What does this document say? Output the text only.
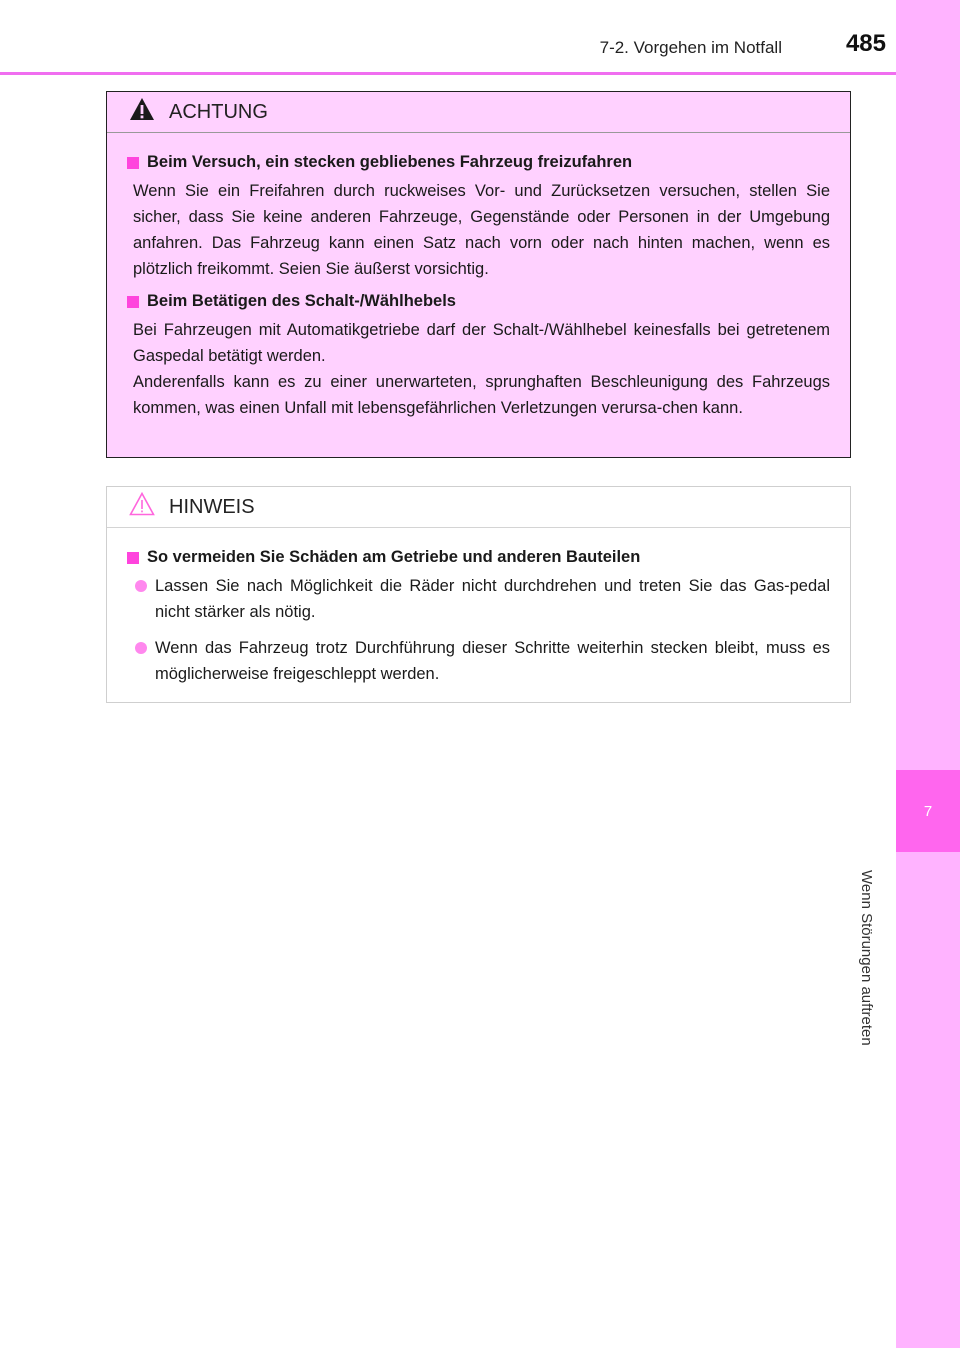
7-2. Vorgehen im Notfall	485
7
Wenn Störungen auftreten
ACHTUNG
Beim Versuch, ein stecken gebliebenes Fahrzeug freizufahren

Wenn Sie ein Freifahren durch ruckweises Vor- und Zurücksetzen versuchen, stellen Sie sicher, dass Sie keine anderen Fahrzeuge, Gegenstände oder Personen in der Umgebung anfahren. Das Fahrzeug kann einen Satz nach vorn oder nach hinten machen, wenn es plötzlich freikommt. Seien Sie äußerst vorsichtig.

Beim Betätigen des Schalt-/Wählhebels

Bei Fahrzeugen mit Automatikgetriebe darf der Schalt-/Wählhebel keinesfalls bei getretenem Gaspedal betätigt werden.

Anderenfalls kann es zu einer unerwarteten, sprunghaften Beschleunigung des Fahrzeugs kommen, was einen Unfall mit lebensgefährlichen Verletzungen verursa-chen kann.

HINWEIS
So vermeiden Sie Schäden am Getriebe und anderen Bauteilen
Lassen Sie nach Möglichkeit die Räder nicht durchdrehen und treten Sie das Gas-pedal nicht stärker als nötig.
Wenn das Fahrzeug trotz Durchführung dieser Schritte weiterhin stecken bleibt, muss es möglicherweise freigeschleppt werden.
